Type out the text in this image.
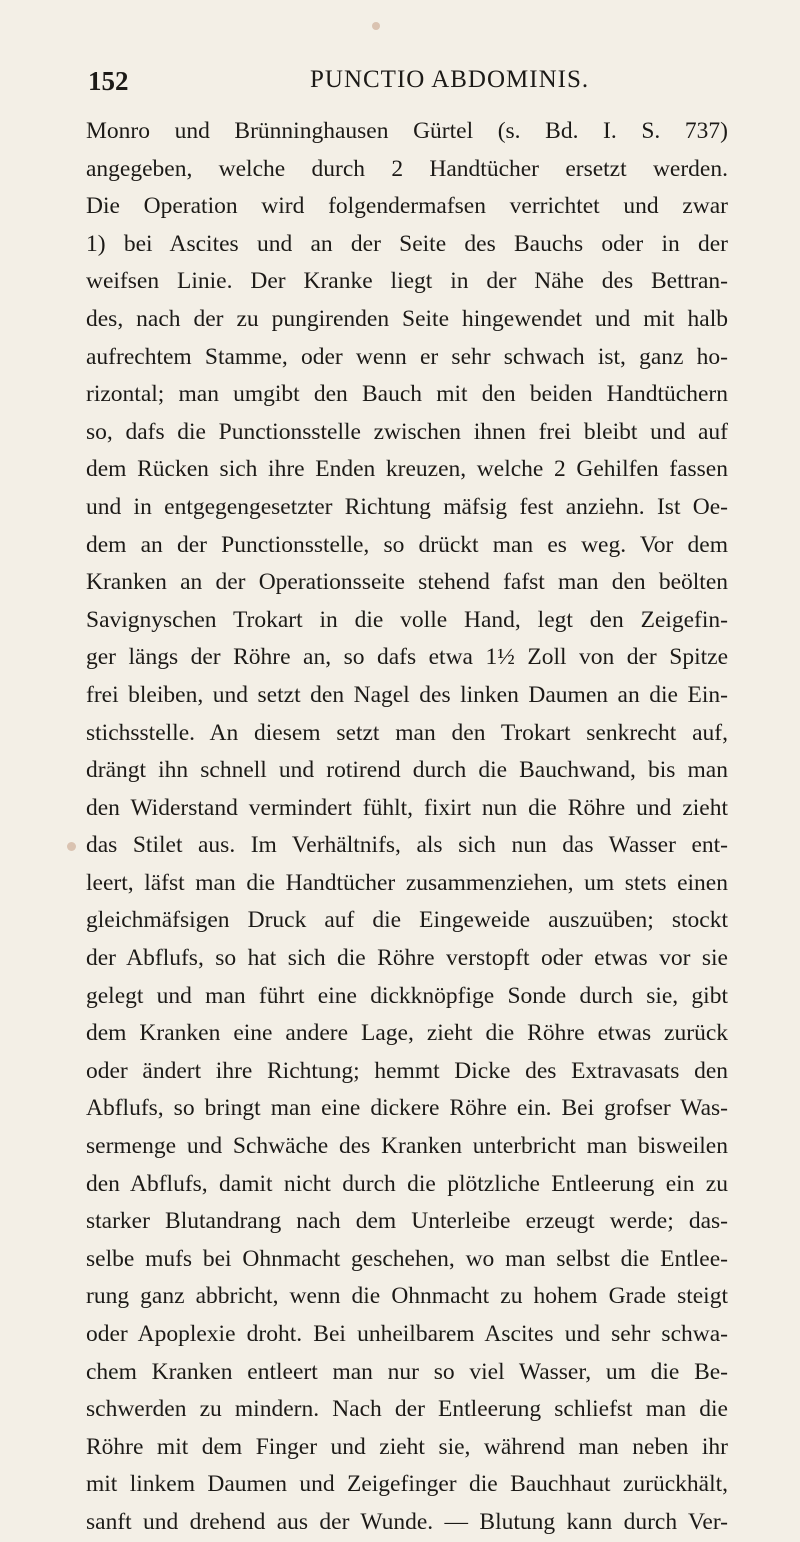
152	PUNCTIO ABDOMINIS.
Monro und Brünninghausen Gürtel (s. Bd. I. S. 737)
angegeben, welche durch 2 Handtücher ersetzt werden.
Die Operation wird folgendermafsen verrichtet und zwar
1) bei Ascites und an der Seite des Bauchs oder in der
weifsen Linie. Der Kranke liegt in der Nähe des Bettran-
des, nach der zu pungirenden Seite hingewendet und mit halb
aufrechtem Stamme, oder wenn er sehr schwach ist, ganz ho-
rizontal; man umgibt den Bauch mit den beiden Handtüchern
so, dafs die Punctionsstelle zwischen ihnen frei bleibt und auf
dem Rücken sich ihre Enden kreuzen, welche 2 Gehilfen fassen
und in entgegengesetzter Richtung mäfsig fest anziehn. Ist Oe-
dem an der Punctionsstelle, so drückt man es weg. Vor dem
Kranken an der Operationsseite stehend fafst man den beölten
Savignyschen Trokart in die volle Hand, legt den Zeigefin-
ger längs der Röhre an, so dafs etwa 1½ Zoll von der Spitze
frei bleiben, und setzt den Nagel des linken Daumen an die Ein-
stichsstelle. An diesem setzt man den Trokart senkrecht auf,
drängt ihn schnell und rotirend durch die Bauchwand, bis man
den Widerstand vermindert fühlt, fixirt nun die Röhre und zieht
das Stilet aus. Im Verhältnifs, als sich nun das Wasser ent-
leert, läfst man die Handtücher zusammenziehen, um stets einen
gleichmäfsigen Druck auf die Eingeweide auszuüben; stockt
der Abflufs, so hat sich die Röhre verstopft oder etwas vor sie
gelegt und man führt eine dickknöpfige Sonde durch sie, gibt
dem Kranken eine andere Lage, zieht die Röhre etwas zurück
oder ändert ihre Richtung; hemmt Dicke des Extravasats den
Abflufs, so bringt man eine dickere Röhre ein. Bei grofser Was-
sermenge und Schwäche des Kranken unterbricht man bisweilen
den Abflufs, damit nicht durch die plötzliche Entleerung ein zu
starker Blutandrang nach dem Unterleibe erzeugt werde; das-
selbe mufs bei Ohnmacht geschehen, wo man selbst die Entlee-
rung ganz abbricht, wenn die Ohnmacht zu hohem Grade steigt
oder Apoplexie droht. Bei unheilbarem Ascites und sehr schwa-
chem Kranken entleert man nur so viel Wasser, um die Be-
schwerden zu mindern. Nach der Entleerung schliefst man die
Röhre mit dem Finger und zieht sie, während man neben ihr
mit linkem Daumen und Zeigefinger die Bauchhaut zurückhält,
sanft und drehend aus der Wunde. — Blutung kann durch Ver-
